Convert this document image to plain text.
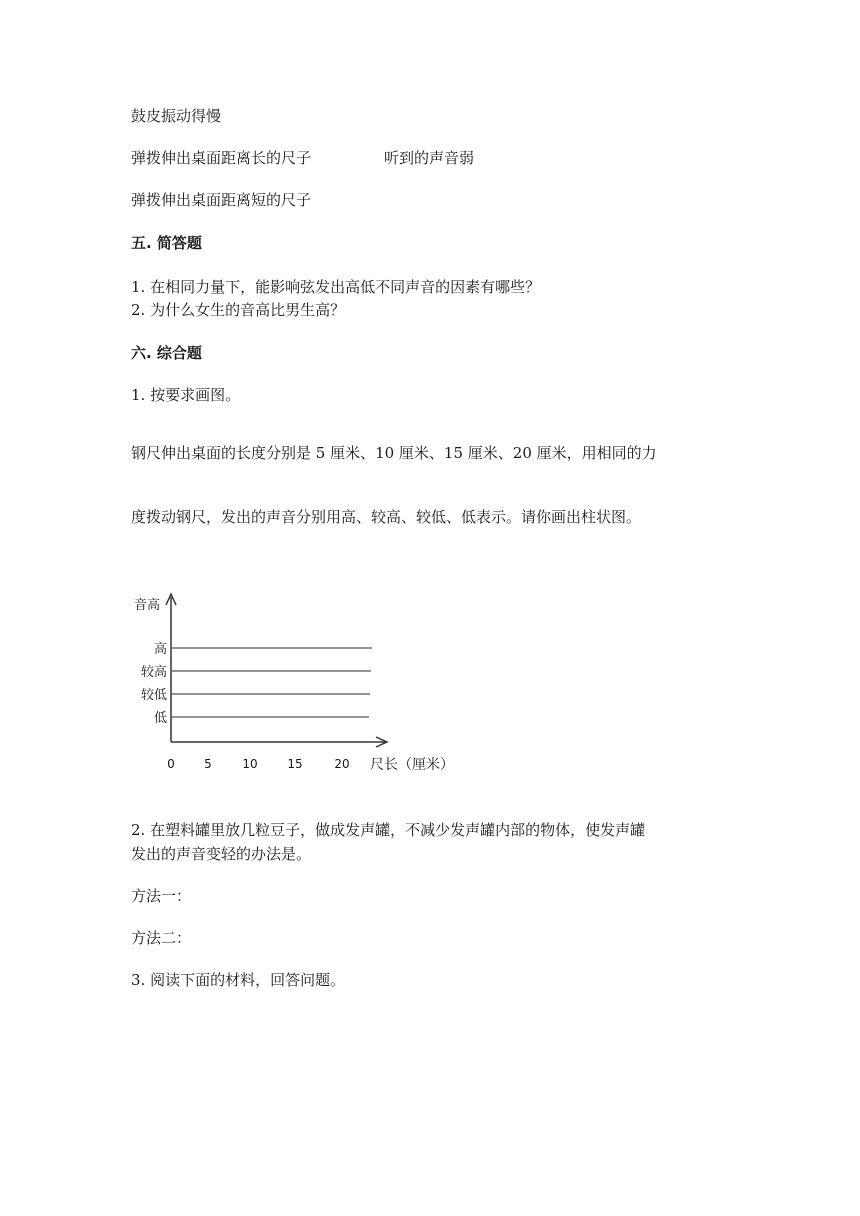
鼓皮振动得慢
弹拨伸出桌面距离长的尺子	听到的声音弱
弹拨伸出桌面距离短的尺子
五. 简答题
1. 在相同力量下，能影响弦发出高低不同声音的因素有哪些？
2. 为什么女生的音高比男生高？
六. 综合题
1. 按要求画图。
钢尺伸出桌面的长度分别是 5 厘米、10 厘米、15 厘米、20 厘米，用相同的力
度拨动钢尺，发出的声音分别用高、较高、较低、低表示。请你画出柱状图。
音高
高
较高
较低
低
0 5	10 15	20 尺长（厘米）
2. 在塑料罐里放几粒豆子，做成发声罐，不减少发声罐内部的物体，使发声罐
发出的声音变轻的办法是。
方法一：
方法二：
3. 阅读下面的材料，回答问题。
